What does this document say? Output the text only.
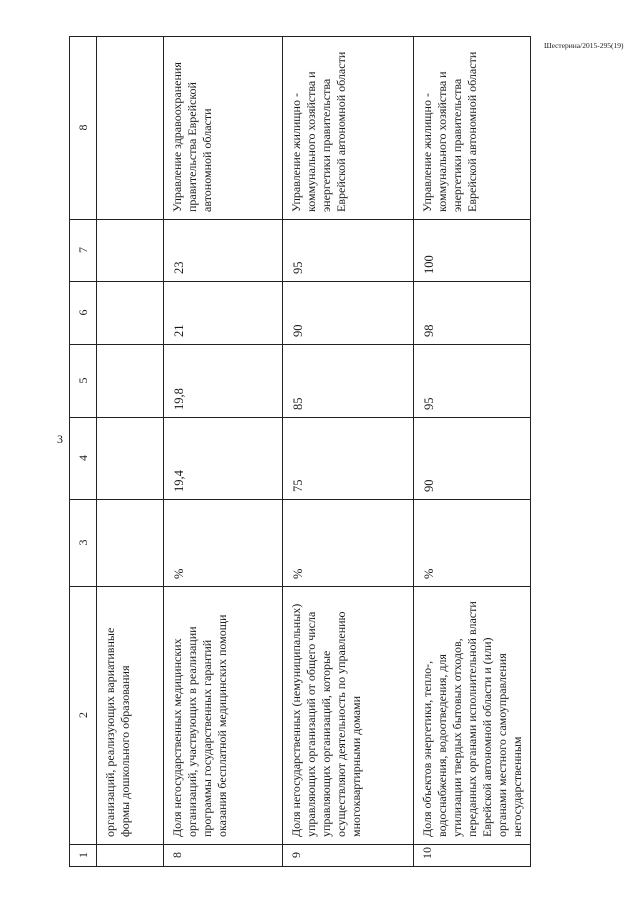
3
Шестерина/2015-295(19)
1	2	3	4	5	6	7	8
	организаций, реализующих вариативные формы дошкольного образования						
8	Доля негосударственных медицинских организаций, участвующих в реализации программы государственных гарантий оказания бесплатной медицинских помощи	%	19,4	19,8	21	23	Управление здравоохранения правительства Еврейской автономной области
9	Доля негосударственных (немуниципальных) управляющих организаций от общего числа управляющих организаций, которые осуществляют деятельность по управлению многоквартирными домами	%	75	85	90	95	Управление жилищно - коммунального хозяйства и энергетики правительства Еврейской автономной области
10	Доля объектов энергетики, тепло-, водоснабжения, водоотведения, для утилизации твердых бытовых отходов, переданных органами исполнительной власти Еврейской автономной области и (или) органами местного самоуправления негосударственным	%	90	95	98	100	Управление жилищно - коммунального хозяйства и энергетики правительства Еврейской автономной области
